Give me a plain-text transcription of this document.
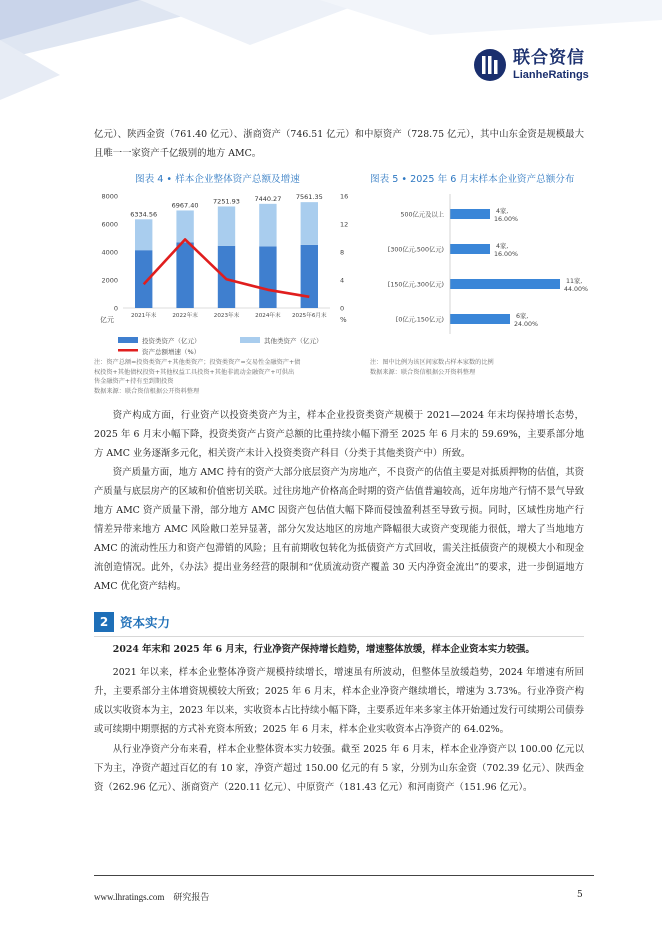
联合资信
LianheRatings
亿元）、陕西金资（761.40 亿元）、浙商资产（746.51 亿元）和中原资产（728.75 亿元），其中山东金资是规模最大且唯一一家资产千亿级别的地方 AMC。
图表 4 • 样本企业整体资产总额及增速	图表 5 • 2025 年 6 月末样本企业资产总额分布
8000
6000
4000
2000
0
16
12
8
4
0
6334.56
2021年末
6967.40
2022年末
7251.93
2023年末
7440.27
2024年末
7561.35
2025年6月末
亿元	%
投资类资产（亿元）	其他类资产（亿元）
资产总额增速（%）
500亿元及以上	4家,
16.00%
[300亿元,500亿元)	4家,
16.00%
[150亿元,300亿元)	11家,
44.00%
[0亿元,150亿元)	6家,
24.00%
注：资产总额=投资类资产+其他类资产；投资类资产=交易性金融资产+债
权投资+其他债权投资+其他权益工具投资+其他非流动金融资产+可供出
售金融资产+持有至到期投资
数据来源：联合资信根据公开资料整理
注：图中比例为该区间家数占样本家数的比例
数据来源：联合资信根据公开资料整理
资产构成方面，行业资产以投资类资产为主，样本企业投资类资产规模于 2021—2024 年末均保持增长态势，2025 年 6 月末小幅下降，投资类资产占资产总额的比重持续小幅下滑至 2025 年 6 月末的 59.69%，主要系部分地方 AMC 业务逐渐多元化，相关资产未计入投资类资产科目（分类于其他类资产中）所致。
资产质量方面，地方 AMC 持有的资产大部分底层资产为房地产，不良资产的估值主要是对抵质押物的估值，其资产质量与底层房产的区域和价值密切关联。过往房地产价格高企时期的资产估值普遍较高，近年房地产行情不景气导致地方 AMC 资产质量下滑，部分地方 AMC 因资产包估值大幅下降而侵蚀盈利甚至导致亏损。同时，区域性房地产行情差异带来地方 AMC 风险敞口差异显著，部分欠发达地区的房地产降幅很大或资产变现能力很低，增大了当地地方 AMC 的流动性压力和资产包滞销的风险；且有前期收包转化为抵债资产方式回收，需关注抵债资产的规模大小和现金流创造情况。此外，《办法》提出业务经营的限制和“优质流动资产覆盖 30 天内净资金流出”的要求，进一步倒逼地方 AMC 优化资产结构。
2 资本实力
2024 年末和 2025 年 6 月末，行业净资产保持增长趋势，增速整体放缓，样本企业资本实力较强。
2021 年以来，样本企业整体净资产规模持续增长，增速虽有所波动，但整体呈放缓趋势，2024 年增速有所回升，主要系部分主体增资规模较大所致；2025 年 6 月末，样本企业净资产继续增长，增速为 3.73%。行业净资产构成以实收资本为主，2023 年以来，实收资本占比持续小幅下降，主要系近年来多家主体开始通过发行可续期公司债券或可续期中期票据的方式补充资本所致；2025 年 6 月末，样本企业实收资本占净资产的 64.02%。
从行业净资产分布来看，样本企业整体资本实力较强。截至 2025 年 6 月末，样本企业净资产以 100.00 亿元以下为主，净资产超过百亿的有 10 家，净资产超过 150.00 亿元的有 5 家，分别为山东金资（702.39 亿元）、陕西金资（262.96 亿元）、浙商资产（220.11 亿元）、中原资产（181.43 亿元）和河南资产（151.96 亿元）。
www.lhratings.com 研究报告	5
